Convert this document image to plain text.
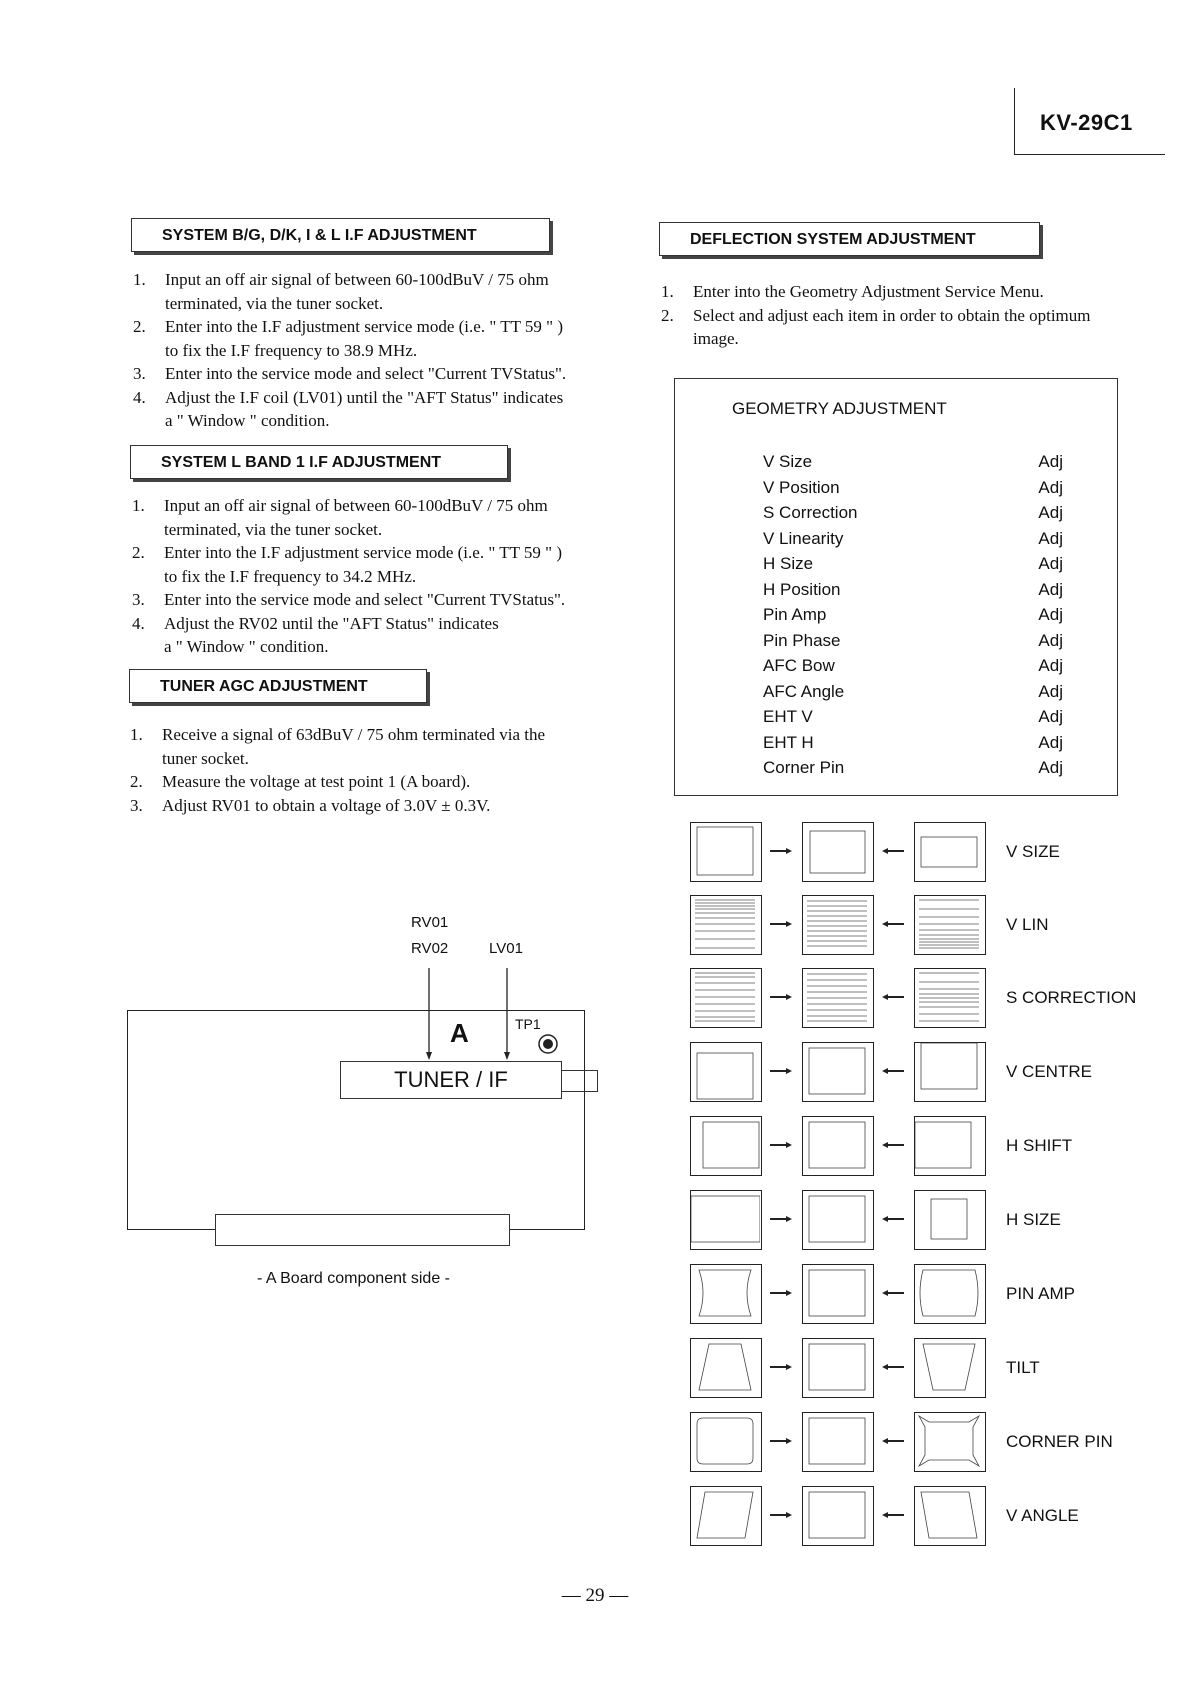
KV-29C1
SYSTEM B/G, D/K, I & L I.F ADJUSTMENT
1. Input an off air signal of between 60-100dBuV / 75 ohm
terminated, via the tuner socket.
2. Enter into the I.F adjustment service mode (i.e. " TT 59 " )
to fix the I.F frequency to 38.9 MHz.
3. Enter into the service mode and select "Current TVStatus".
4. Adjust the I.F coil (LV01) until the "AFT Status" indicates
a " Window " condition.
SYSTEM L BAND 1 I.F ADJUSTMENT
1. Input an off air signal of between 60-100dBuV / 75 ohm
terminated, via the tuner socket.
2. Enter into the I.F adjustment service mode (i.e. " TT 59 " )
to fix the I.F frequency to 34.2 MHz.
3. Enter into the service mode and select "Current TVStatus".
4. Adjust the RV02 until the "AFT Status" indicates
a " Window " condition.
TUNER AGC ADJUSTMENT
1. Receive a signal of 63dBuV / 75 ohm terminated via the
tuner socket.
2. Measure the voltage at test point 1 (A board).
3. Adjust RV01 to obtain a voltage of 3.0V ± 0.3V.
RV01
RV02	LV01
A	TP1
TUNER / IF
- A Board component side -
DEFLECTION SYSTEM ADJUSTMENT
1. Enter into the Geometry Adjustment Service Menu.
2. Select and adjust each item in order to obtain the optimum
image.
GEOMETRY ADJUSTMENT
V Size	Adj
V Position	Adj
S Correction	Adj
V Linearity	Adj
H Size	Adj
H Position	Adj
Pin Amp	Adj
Pin Phase	Adj
AFC Bow	Adj
AFC Angle	Adj
EHT V	Adj
EHT H	Adj
Corner Pin	Adj
V SIZE
V LIN
S CORRECTION
V CENTRE
H SHIFT
H SIZE
PIN AMP
TILT
CORNER PIN
V ANGLE
— 29 —
